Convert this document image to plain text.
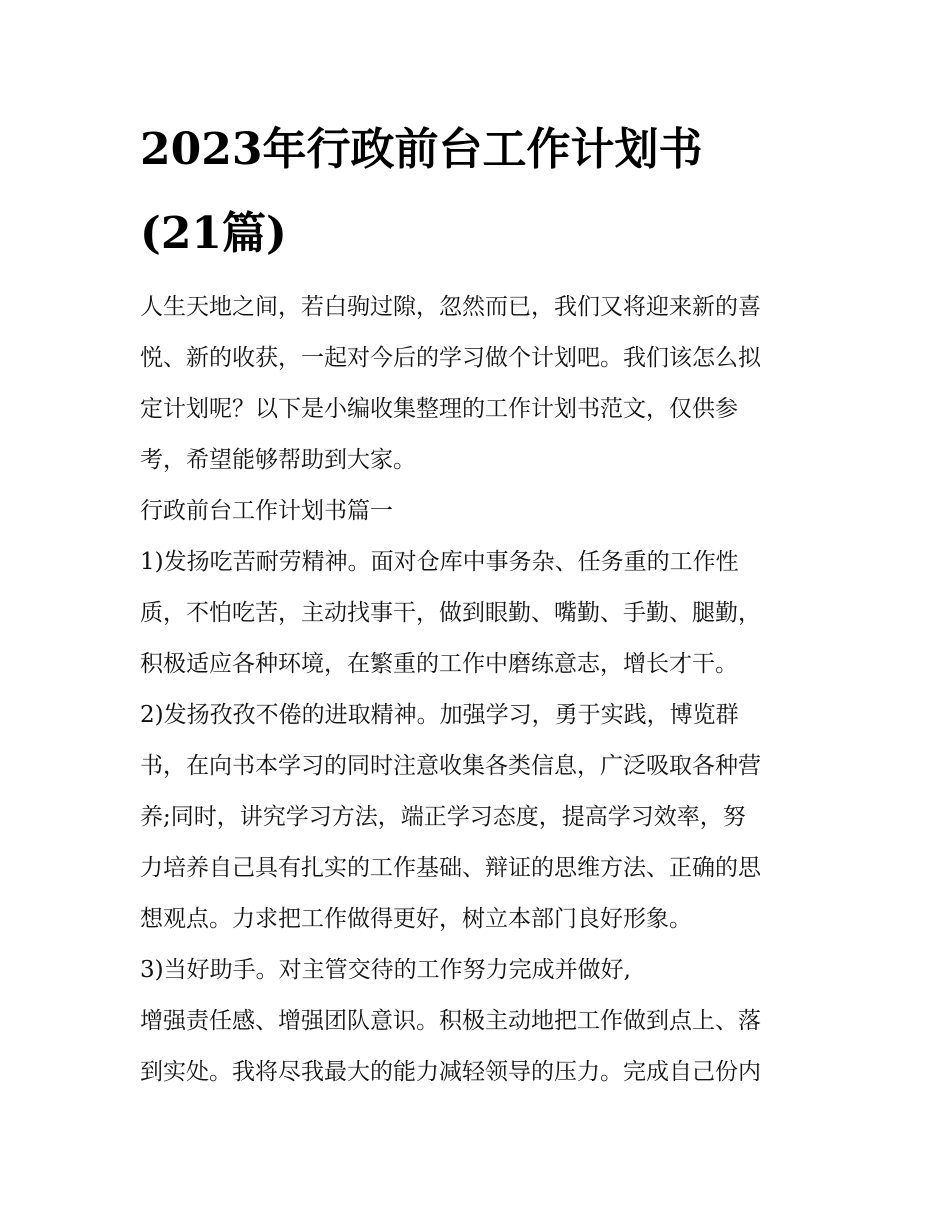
2023年行政前台工作计划书
(21篇)
人生天地之间，若白驹过隙，忽然而已，我们又将迎来新的喜
悦、新的收获，一起对今后的学习做个计划吧。我们该怎么拟
定计划呢？以下是小编收集整理的工作计划书范文，仅供参
考，希望能够帮助到大家。
行政前台工作计划书篇一
1)发扬吃苦耐劳精神。面对仓库中事务杂、任务重的工作性
质，不怕吃苦，主动找事干，做到眼勤、嘴勤、手勤、腿勤，
积极适应各种环境，在繁重的工作中磨练意志，增长才干。
2)发扬孜孜不倦的进取精神。加强学习，勇于实践，博览群
书，在向书本学习的同时注意收集各类信息，广泛吸取各种营
养;同时，讲究学习方法，端正学习态度，提高学习效率，努
力培养自己具有扎实的工作基础、辩证的思维方法、正确的思
想观点。力求把工作做得更好，树立本部门良好形象。
3)当好助手。对主管交待的工作努力完成并做好,
增强责任感、增强团队意识。积极主动地把工作做到点上、落
到实处。我将尽我最大的能力减轻领导的压力。完成自己份内
